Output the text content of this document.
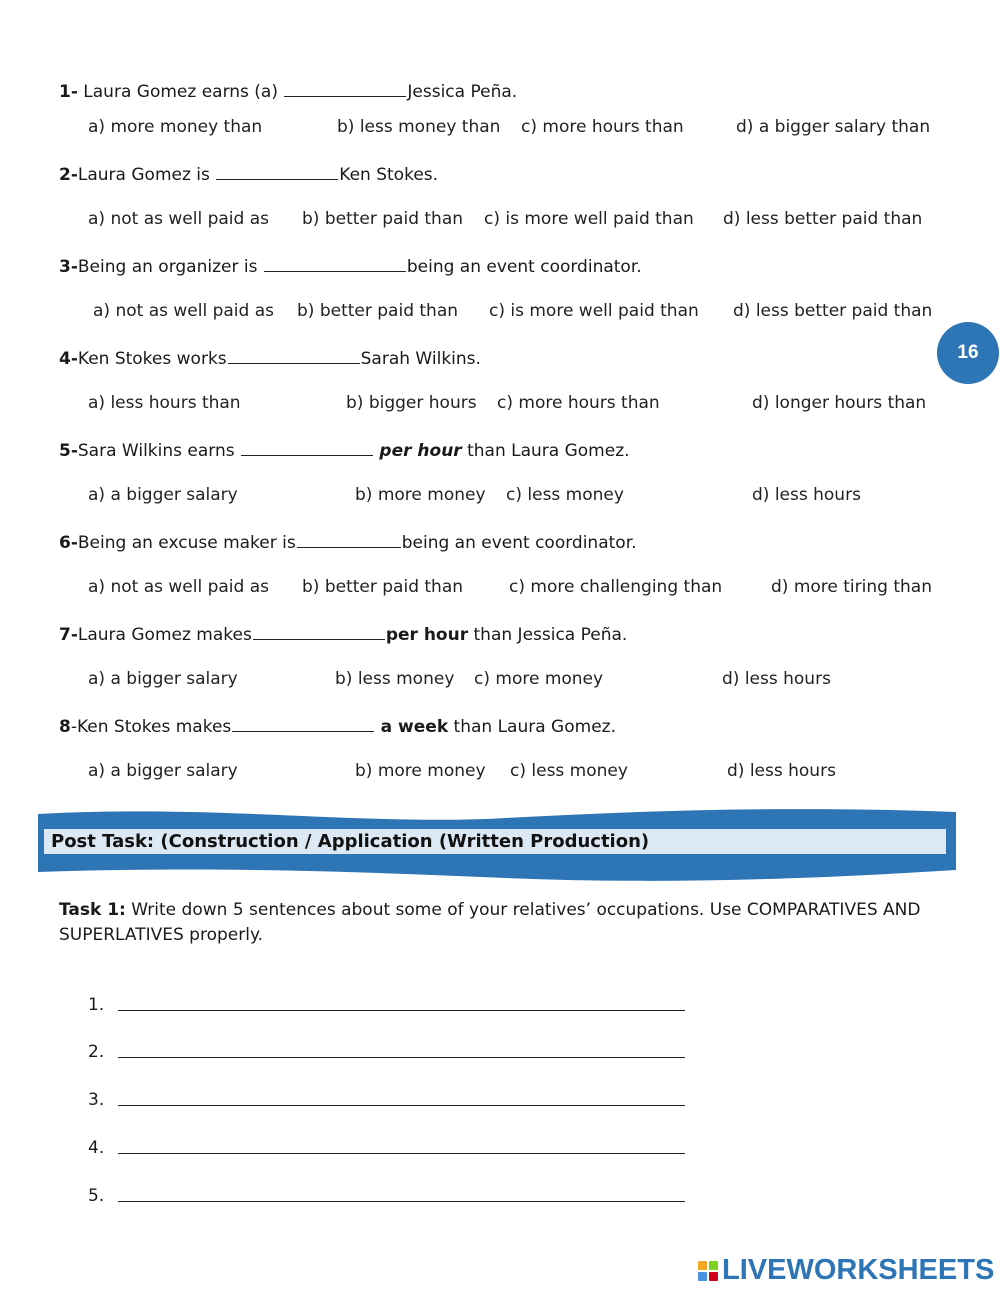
1- Laura Gomez earns (a)	Jessica Peña.
a) more money than	b) less money than c) more hours than	d) a bigger salary than
2-Laura Gomez is	Ken Stokes.
a) not as well paid as b) better paid than c) is more well paid than d) less better paid than
3-Being an organizer is	being an event coordinator.
a) not as well paid as b) better paid than c) is more well paid than d) less better paid than
16
4-Ken Stokes works	Sarah Wilkins.
a) less hours than	b) bigger hours c) more hours than	d) longer hours than
5-Sara Wilkins earns	per hour than Laura Gomez.
a) a bigger salary	b) more money c) less money	d) less hours
6-Being an excuse maker is	being an event coordinator.
a) not as well paid as b) better paid than	c) more challenging than	d) more tiring than
7-Laura Gomez makes	per hour than Jessica Peña.
a) a bigger salary	b) less money c) more money	d) less hours
8-Ken Stokes makes	a week than Laura Gomez.
a) a bigger salary	b) more money c) less money	d) less hours
Post Task: (Construction / Application (Written Production)
Task 1: Write down 5 sentences about some of your relatives’ occupations. Use COMPARATIVES AND
SUPERLATIVES properly.
1.
2.
3.
4.
5.
LIVEWORKSHEETS
